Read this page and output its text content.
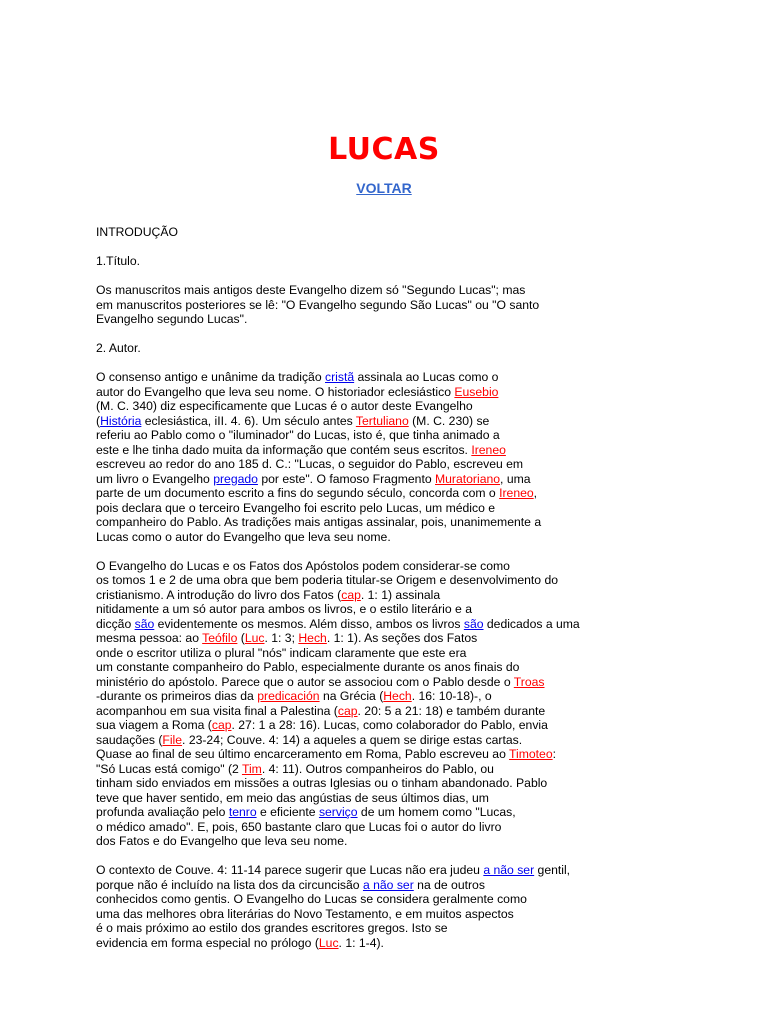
LUCAS
VOLTAR
INTRODUÇÃO
1.Título.
Os manuscritos mais antigos deste Evangelho dizem só "Segundo Lucas"; mas
em manuscritos posteriores se lê: "O Evangelho segundo São Lucas" ou "O santo
Evangelho segundo Lucas".
2. Autor.
O consenso antigo e unânime da tradição cristã assinala ao Lucas como o
autor do Evangelho que leva seu nome. O historiador eclesiástico Eusebio
(M. C. 340) diz especificamente que Lucas é o autor deste Evangelho
(História eclesiástica, iII. 4. 6). Um século antes Tertuliano (M. C. 230) se
referiu ao Pablo como o "iluminador" do Lucas, isto é, que tinha animado a
este e lhe tinha dado muita da informação que contém seus escritos. Ireneo
escreveu ao redor do ano 185 d. C.: "Lucas, o seguidor do Pablo, escreveu em
um livro o Evangelho pregado por este". O famoso Fragmento Muratoriano, uma
parte de um documento escrito a fins do segundo século, concorda com o Ireneo,
pois declara que o terceiro Evangelho foi escrito pelo Lucas, um médico e
companheiro do Pablo. As tradições mais antigas assinalar, pois, unanimemente a
Lucas como o autor do Evangelho que leva seu nome.
O Evangelho do Lucas e os Fatos dos Apóstolos podem considerar-se como
os tomos 1 e 2 de uma obra que bem poderia titular-se Origem e desenvolvimento do
cristianismo. A introdução do livro dos Fatos (cap. 1: 1) assinala
nitidamente a um só autor para ambos os livros, e o estilo literário e a
dicção são evidentemente os mesmos. Além disso, ambos os livros são dedicados a uma
mesma pessoa: ao Teófilo (Luc. 1: 3; Hech. 1: 1). As seções dos Fatos
onde o escritor utiliza o plural "nós" indicam claramente que este era
um constante companheiro do Pablo, especialmente durante os anos finais do
ministério do apóstolo. Parece que o autor se associou com o Pablo desde o Troas
-durante os primeiros dias da predicación na Grécia (Hech. 16: 10-18)-, o
acompanhou em sua visita final a Palestina (cap. 20: 5 a 21: 18) e também durante
sua viagem a Roma (cap. 27: 1 a 28: 16). Lucas, como colaborador do Pablo, envia
saudações (File. 23-24; Couve. 4: 14) a aqueles a quem se dirige estas cartas.
Quase ao final de seu último encarceramento em Roma, Pablo escreveu ao Timoteo:
"Só Lucas está comigo" (2 Tim. 4: 11). Outros companheiros do Pablo, ou
tinham sido enviados em missões a outras Iglesias ou o tinham abandonado. Pablo
teve que haver sentido, em meio das angústias de seus últimos dias, um
profunda avaliação pelo tenro e eficiente serviço de um homem como "Lucas,
o médico amado". E, pois, 650 bastante claro que Lucas foi o autor do livro
dos Fatos e do Evangelho que leva seu nome.
O contexto de Couve. 4: 11-14 parece sugerir que Lucas não era judeu a não ser gentil,
porque não é incluído na lista dos da circuncisão a não ser na de outros
conhecidos como gentis. O Evangelho do Lucas se considera geralmente como
uma das melhores obra literárias do Novo Testamento, e em muitos aspectos
é o mais próximo ao estilo dos grandes escritores gregos. Isto se
evidencia em forma especial no prólogo (Luc. 1: 1-4).
